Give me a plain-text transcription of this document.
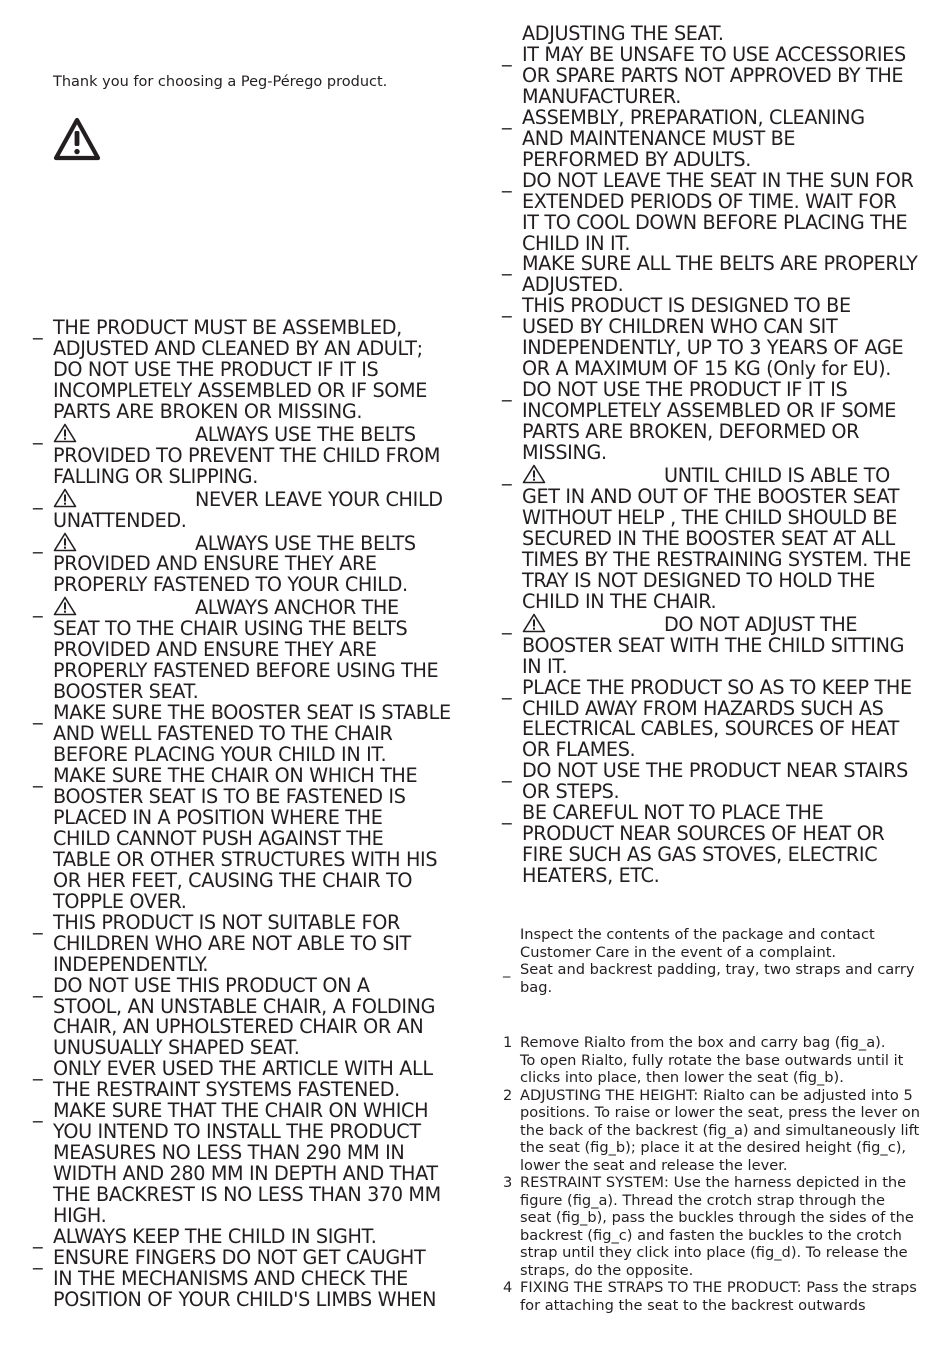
Thank you for choosing a Peg-Pérego product.
_ THE PRODUCT MUST BE ASSEMBLED,
ADJUSTED AND CLEANED BY AN ADULT;
DO NOT USE THE PRODUCT IF IT IS
INCOMPLETELY ASSEMBLED OR IF SOME
PARTS ARE BROKEN OR MISSING.
_	ALWAYS USE THE BELTS
PROVIDED TO PREVENT THE CHILD FROM
FALLING OR SLIPPING.
_	NEVER LEAVE YOUR CHILD
UNATTENDED.
_	ALWAYS USE THE BELTS
PROVIDED AND ENSURE THEY ARE
PROPERLY FASTENED TO YOUR CHILD.
_	ALWAYS ANCHOR THE
SEAT TO THE CHAIR USING THE BELTS
PROVIDED AND ENSURE THEY ARE
PROPERLY FASTENED BEFORE USING THE
BOOSTER SEAT.
_ MAKE SURE THE BOOSTER SEAT IS STABLE
AND WELL FASTENED TO THE CHAIR
BEFORE PLACING YOUR CHILD IN IT.
_ MAKE SURE THE CHAIR ON WHICH THE
BOOSTER SEAT IS TO BE FASTENED IS
PLACED IN A POSITION WHERE THE
CHILD CANNOT PUSH AGAINST THE
TABLE OR OTHER STRUCTURES WITH HIS
OR HER FEET, CAUSING THE CHAIR TO
TOPPLE OVER.
_ THIS PRODUCT IS NOT SUITABLE FOR
CHILDREN WHO ARE NOT ABLE TO SIT
INDEPENDENTLY.
_ DO NOT USE THIS PRODUCT ON A
STOOL, AN UNSTABLE CHAIR, A FOLDING
CHAIR, AN UPHOLSTERED CHAIR OR AN
UNUSUALLY SHAPED SEAT.
_ ONLY EVER USED THE ARTICLE WITH ALL
THE RESTRAINT SYSTEMS FASTENED.
_ MAKE SURE THAT THE CHAIR ON WHICH
YOU INTEND TO INSTALL THE PRODUCT
MEASURES NO LESS THAN 290 MM IN
WIDTH AND 280 MM IN DEPTH AND THAT
THE BACKREST IS NO LESS THAN 370 MM
HIGH.
_ ALWAYS KEEP THE CHILD IN SIGHT.
_ ENSURE FINGERS DO NOT GET CAUGHT
IN THE MECHANISMS AND CHECK THE
POSITION OF YOUR CHILD'S LIMBS WHEN
ADJUSTING THE SEAT.
_ IT MAY BE UNSAFE TO USE ACCESSORIES
OR SPARE PARTS NOT APPROVED BY THE
MANUFACTURER.
_ ASSEMBLY, PREPARATION, CLEANING
AND MAINTENANCE MUST BE
PERFORMED BY ADULTS.
_ DO NOT LEAVE THE SEAT IN THE SUN FOR
EXTENDED PERIODS OF TIME. WAIT FOR
IT TO COOL DOWN BEFORE PLACING THE
CHILD IN IT.
_ MAKE SURE ALL THE BELTS ARE PROPERLY
ADJUSTED.
_ THIS PRODUCT IS DESIGNED TO BE
USED BY CHILDREN WHO CAN SIT
INDEPENDENTLY, UP TO 3 YEARS OF AGE
OR A MAXIMUM OF 15 KG (Only for EU).
_ DO NOT USE THE PRODUCT IF IT IS
INCOMPLETELY ASSEMBLED OR IF SOME
PARTS ARE BROKEN, DEFORMED OR
MISSING.
_	UNTIL CHILD IS ABLE TO
GET IN AND OUT OF THE BOOSTER SEAT
WITHOUT HELP , THE CHILD SHOULD BE
SECURED IN THE BOOSTER SEAT AT ALL
TIMES BY THE RESTRAINING SYSTEM. THE
TRAY IS NOT DESIGNED TO HOLD THE
CHILD IN THE CHAIR.
_	DO NOT ADJUST THE
BOOSTER SEAT WITH THE CHILD SITTING
IN IT.
_ PLACE THE PRODUCT SO AS TO KEEP THE
CHILD AWAY FROM HAZARDS SUCH AS
ELECTRICAL CABLES, SOURCES OF HEAT
OR FLAMES.
_ DO NOT USE THE PRODUCT NEAR STAIRS
OR STEPS.
_ BE CAREFUL NOT TO PLACE THE
PRODUCT NEAR SOURCES OF HEAT OR
FIRE SUCH AS GAS STOVES, ELECTRIC
HEATERS, ETC.
Inspect the contents of the package and contact
Customer Care in the event of a complaint.
_ Seat and backrest padding, tray, two straps and carry
bag.
1 Remove Rialto from the box and carry bag (fig_a).
To open Rialto, fully rotate the base outwards until it
clicks into place, then lower the seat (fig_b).
2 ADJUSTING THE HEIGHT: Rialto can be adjusted into 5
positions. To raise or lower the seat, press the lever on
the back of the backrest (fig_a) and simultaneously lift
the seat (fig_b); place it at the desired height (fig_c),
lower the seat and release the lever.
3 RESTRAINT SYSTEM: Use the harness depicted in the
figure (fig_a). Thread the crotch strap through the
seat (fig_b), pass the buckles through the sides of the
backrest (fig_c) and fasten the buckles to the crotch
strap until they click into place (fig_d). To release the
straps, do the opposite.
4 FIXING THE STRAPS TO THE PRODUCT: Pass the straps
for attaching the seat to the backrest outwards
